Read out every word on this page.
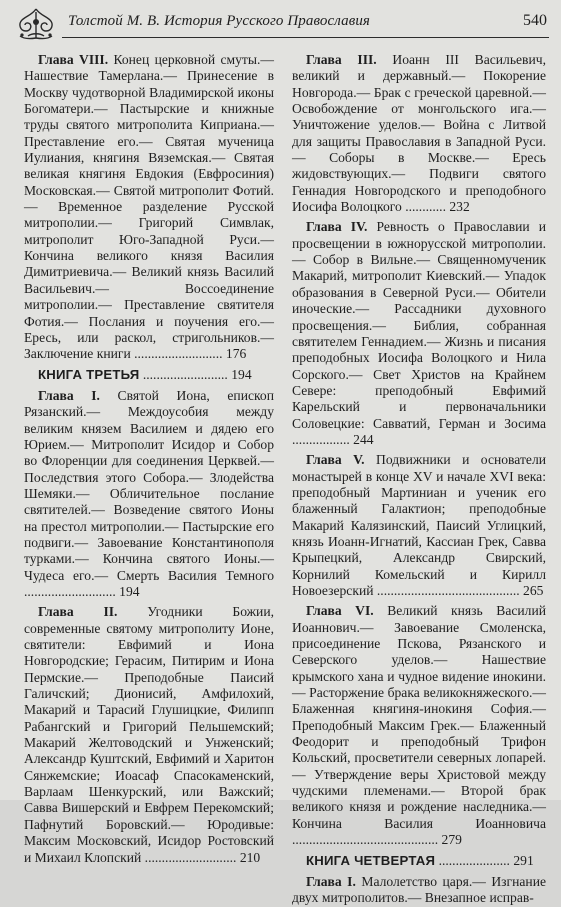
Толстой М. В. История Русского Православия	540

Глава VIII. Конец церковной смуты.— Нашествие Тамерлана.— Принесение в Москву чудотворной Владимирской иконы Богоматери.— Пастырские и книжные труды святого митрополита Киприана.— Преставление его.— Святая мученица Иулиания, княгиня Вяземская.— Святая великая княгиня Евдокия (Евфросиния) Московская.— Святой митрополит Фотий.— Временное разделение Русской митрополии.— Григорий Симвлак, митрополит Юго-Западной Руси.— Кончина великого князя Василия Димитриевича.— Великий князь Василий Васильевич.— Воссоединение митрополии.— Преставление святителя Фотия.— Послания и поучения его.— Ересь, или раскол, стригольников.— Заключение книги .......................... 176

КНИГА ТРЕТЬЯ ......................... 194

Глава I. Святой Иона, епископ Рязанский.— Междоусобия между великим князем Василием и дядею его Юрием.— Митрополит Исидор и Собор во Флоренции для соединения Церквей.— Последствия этого Собора.— Злодейства Шемяки.— Обличительное послание святителей.— Возведение святого Ионы на престол митрополии.— Пастырские его подвиги.— Завоевание Константинополя турками.— Кончина святого Ионы.— Чудеса его.— Смерть Василия Темного ........................... 194

Глава II. Угодники Божии, современные святому митрополиту Ионе, святители: Евфимий и Иона Новгородские; Герасим, Питирим и Иона Пермские.— Преподобные Паисий Галичский; Дионисий, Амфилохий, Макарий и Тарасий Глушицкие, Филипп Рабангский и Григорий Пельшемский; Макарий Желтоводский и Унженский; Александр Куштский, Евфимий и Харитон Сянжемские; Иоасаф Спасокаменский, Варлаам Шенкурский, или Важский; Савва Вишерский и Евфрем Перекомский; Пафнутий Боровский.— Юродивые: Максим Московский, Исидор Ростовский и Михаил Клопский ........................... 210

Глава III. Иоанн III Васильевич, великий и державный.— Покорение Новгорода.— Брак с греческой царевной.— Освобождение от монгольского ига.— Уничтожение уделов.— Война с Литвой для защиты Православия в Западной Руси.— Соборы в Москве.— Ересь жидовствующих.— Подвиги святого Геннадия Новгородского и преподобного Иосифа Волоцкого ............ 232

Глава IV. Ревность о Православии и просвещении в южнорусской митрополии.— Собор в Вильне.— Священномученик Макарий, митрополит Киевский.— Упадок образования в Северной Руси.— Обители иноческие.— Рассадники духовного просвещения.— Библия, собранная святителем Геннадием.— Жизнь и писания преподобных Иосифа Волоцкого и Нила Сорского.— Свет Христов на Крайнем Севере: преподобный Евфимий Карельский и первоначальники Соловецкие: Савватий, Герман и Зосима ................. 244

Глава V. Подвижники и основатели монастырей в конце XV и начале XVI века: преподобный Мартиниан и ученик его блаженный Галактион; преподобные Макарий Калязинский, Паисий Углицкий, князь Иоанн-Игнатий, Кассиан Грек, Савва Крыпецкий, Александр Свирский, Корнилий Комельский и Кирилл Новоезерский .......................................... 265

Глава VI. Великий князь Василий Иоаннович.— Завоевание Смоленска, присоединение Пскова, Рязанского и Северского уделов.— Нашествие крымского хана и чудное видение инокини.— Расторжение брака великокняжеского.— Блаженная княгиня-инокиня София.— Преподобный Максим Грек.— Блаженный Феодорит и преподобный Трифон Кольский, просветители северных лопарей.— Утверждение веры Христовой между чудскими племенами.— Второй брак великого князя и рождение наследника.— Кончина Василия Иоанновича ........................................... 279

КНИГА ЧЕТВЕРТАЯ ..................... 291

Глава I. Малолетство царя.— Изгнание двух митрополитов.— Внезапное исправ-
